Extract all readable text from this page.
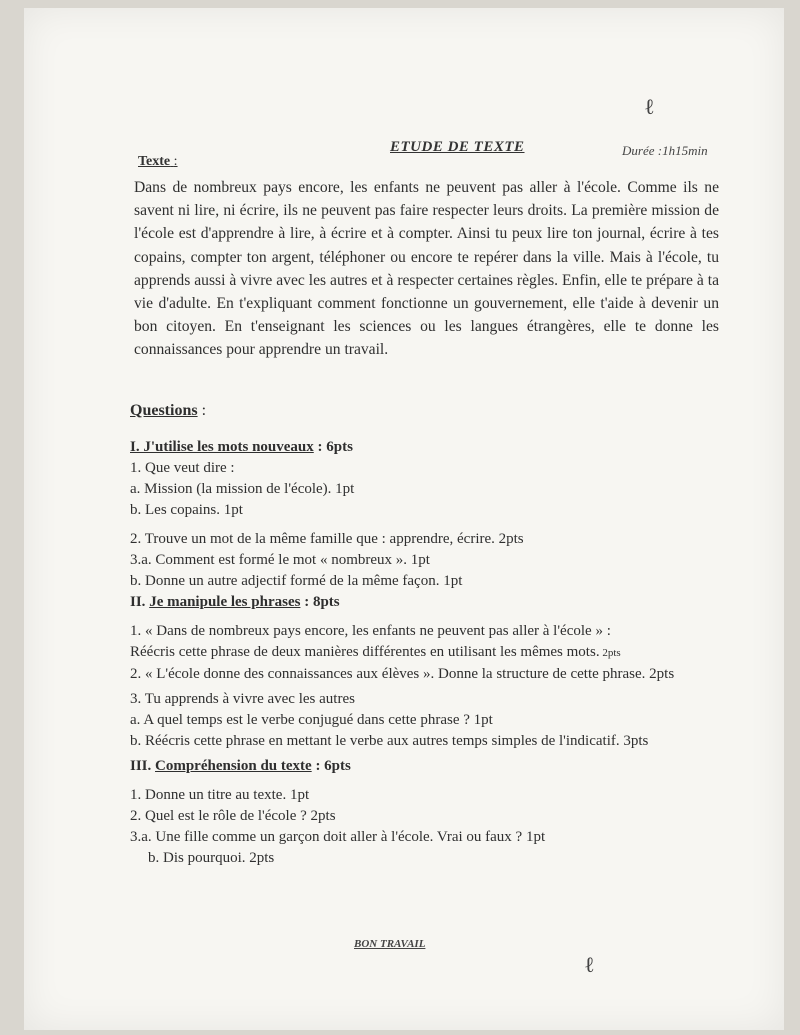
ℓ
ℓ
ETUDE DE TEXTE	Durée :1h15min
Texte :
Dans de nombreux pays encore, les enfants ne peuvent pas aller à l'école. Comme ils ne savent ni lire, ni écrire, ils ne peuvent pas faire respecter leurs droits. La première mission de l'école est d'apprendre à lire, à écrire et à compter. Ainsi tu peux lire ton journal, écrire à tes copains, compter ton argent, téléphoner ou encore te repérer dans la ville. Mais à l'école, tu apprends aussi à vivre avec les autres et à respecter certaines règles. Enfin, elle te prépare à ta vie d'adulte. En t'expliquant comment fonctionne un gouvernement, elle t'aide à devenir un bon citoyen. En t'enseignant les sciences ou les langues étrangères, elle te donne les connaissances pour apprendre un travail.

Questions :

I. J'utilise les mots nouveaux : 6pts

1. Que veut dire :

a. Mission (la mission de l'école). 1pt

b. Les copains. 1pt

2. Trouve un mot de la même famille que : apprendre, écrire. 2pts

3.a. Comment est formé le mot « nombreux ». 1pt

b. Donne un autre adjectif formé de la même façon. 1pt

II. Je manipule les phrases : 8pts

1. « Dans de nombreux pays encore, les enfants ne peuvent pas aller à l'école » :

Réécris cette phrase de deux manières différentes en utilisant les mêmes mots. 2pts

2. « L'école donne des connaissances aux élèves ». Donne la structure de cette phrase. 2pts

3. Tu apprends à vivre avec les autres

a. A quel temps est le verbe conjugué dans cette phrase ? 1pt

b. Réécris cette phrase en mettant le verbe aux autres temps simples de l'indicatif. 3pts

III. Compréhension du texte : 6pts

1. Donne un titre au texte. 1pt

2. Quel est le rôle de l'école ? 2pts

3.a. Une fille comme un garçon doit aller à l'école. Vrai ou faux ? 1pt

b. Dis pourquoi. 2pts

BON TRAVAIL
